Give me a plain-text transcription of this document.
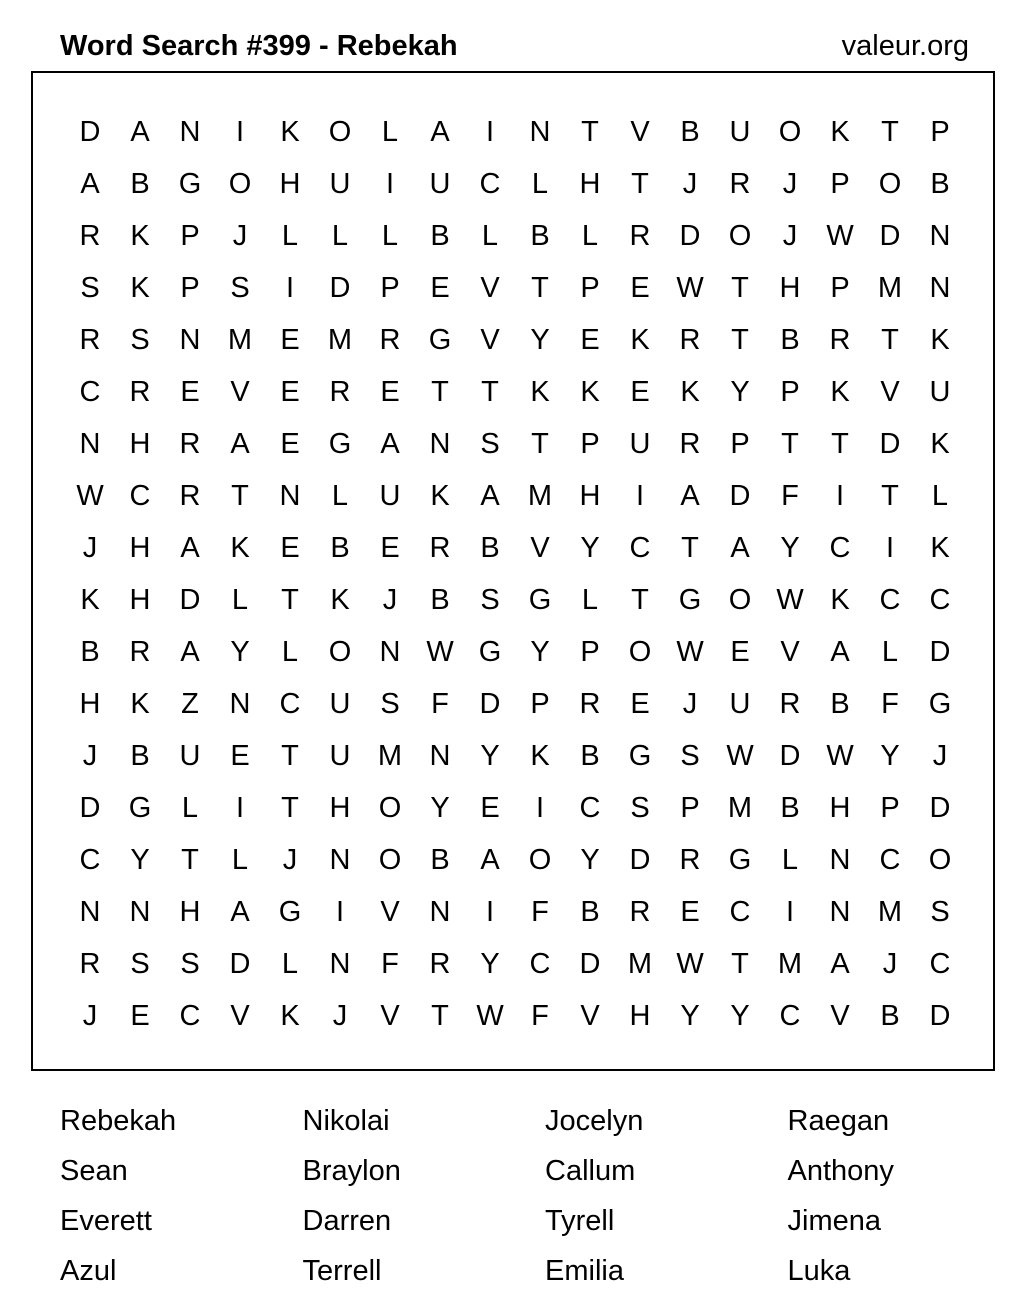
Word Search #399 - Rebekah	valeur.org
D	A	N	I	K	O	L	A	I	N	T	V	B	U O	K	T	P
A	B	G O H	U	I	U	C	L	H	T	J	R	J	P	O	B
R	K	P	J	L	L	L	B	L	B	L	R	D O	J	W D	N
S	K	P	S	I	D	P	E	V	T	P	E W T	H	P M N
R	S	N M E M R G	V	Y	E	K	R	T	B	R	T	K
C	R	E	V	E	R	E	T	T	K	K	E	K	Y	P	K	V	U
N	H	R	A	E	G	A	N	S	T	P	U	R	P	T	T	D	K
W C	R	T	N	L	U	K	A M H	I	A	D	F	I	T	L
J	H	A	K	E	B	E	R	B	V	Y	C	T	A	Y	C	I	K
K	H	D	L	T	K	J	B	S	G	L	T	G O W K	C	C
B	R	A	Y	L	O N W G	Y	P	O W E	V	A	L	D
H	K	Z	N	C	U	S	F	D	P	R	E	J	U	R	B	F	G
J	B	U	E	T	U M N	Y	K	B	G	S W D W Y	J
D G	L	I	T	H O	Y	E	I	C	S	P M B	H	P	D
C	Y	T	L	J	N O	B	A	O	Y	D	R G	L	N	C O
N	N	H	A	G	I	V	N	I	F	B	R	E	C	I	N M S
R	S	S	D	L	N	F	R	Y	C	D M W T	M A	J	C
J	E	C	V	K	J	V	T W F	V	H	Y	Y	C	V	B	D
Rebekah	Nikolai	Jocelyn	Raegan
Sean	Braylon	Callum	Anthony
Everett	Darren	Tyrell	Jimena
Azul	Terrell	Emilia	Luka
